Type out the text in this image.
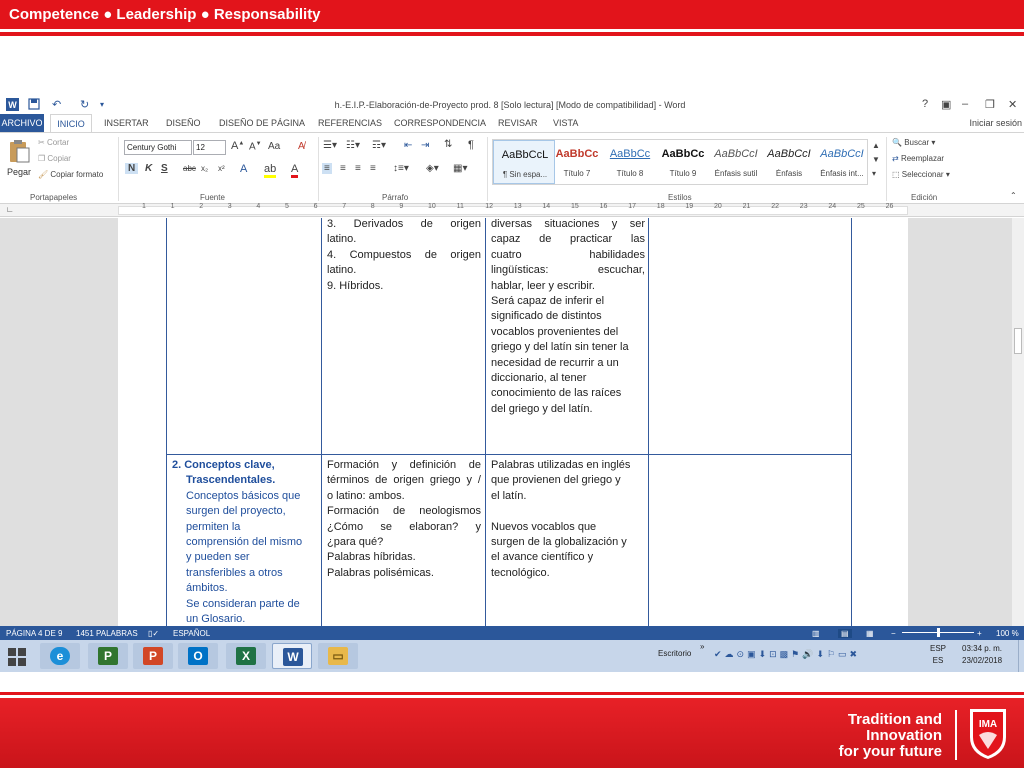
Competence ● Leadership ● Responsability
W	↶ ↻ ▾	h.-E.I.P.-Elaboración-de-Proyecto prod. 8 [Solo lectura] [Modo de compatibilidad] - Word	? ▣ – ❐ ✕
ARCHIVO	INICIO	INSERTAR DISEÑO DISEÑO DE PÁGINA REFERENCIAS CORRESPONDENCIA REVISAR VISTA	Iniciar sesión
Pegar
✂ Cortar
❐ Copiar
🖌 Copiar formato
Portapapeles
Century Gothi	12	A▲ A▼ Aa A̸
N K S abc x₂ x² A ab A
Fuente
☰▾ ☷▾ ☶▾ ⇤ ⇥ ⇅ ¶
≡ ≡ ≡ ≡ ↕≡▾ ◈▾ ▦▾
Párrafo
AaBbCcL
¶ Sin espa...
AaBbCc
Título 7
AaBbCc
Título 8
AaBbCc
Título 9
AaBbCcI
Énfasis sutil
AaBbCcI
Énfasis
AaBbCcI
Énfasis int...
▲
▼
▾
Estilos
🔍 Buscar ▾
⇄ Reemplazar
⬚ Seleccionar ▾
Edición	⌃
∟	1	1	2	3	4	5	6	7	8	9	10	11	12	13	14	15	16	17	18	19	20	21	22	23	24	25	26
3. Derivados de origen
latino.
4. Compuestos de origen
latino.
9. Híbridos.
diversas situaciones y ser
capaz de practicar las
cuatro habilidades
lingüísticas: escuchar,
hablar, leer y escribir.
Será capaz de inferir el
significado de distintos
vocablos provenientes del
griego y del latín sin tener la
necesidad de recurrir a un
diccionario, al tener
conocimiento de las raíces
del griego y del latín.
2. Conceptos clave,
Trascendentales.
Conceptos básicos que
surgen del proyecto,
permiten la
comprensión del mismo
y pueden ser
transferibles a otros
ámbitos.
Se consideran parte de
un Glosario.
Formación y definición de
términos de origen griego y /
o latino: ambos.
Formación de neologismos
¿Cómo se elaboran? y
¿para qué?
Palabras híbridas.
Palabras polisémicas.
Palabras utilizadas en inglés
que provienen del griego y
el latín.

Nuevos vocablos que
surgen de la globalización y
el avance científico y
tecnológico.
PÁGINA 4 DE 9 1451 PALABRAS ▯✓ ESPAÑOL	▥	▤	▦ −	+ 100 %
e	P	P	O	X	W	▭	Escritorio
»
✔☁⊙▣⬇⊡▩⚑🔊⬇⚐▭✖
ESP
ES
03:34 p. m.
23/02/2018
Tradition and
Innovation
for your future
IMA
